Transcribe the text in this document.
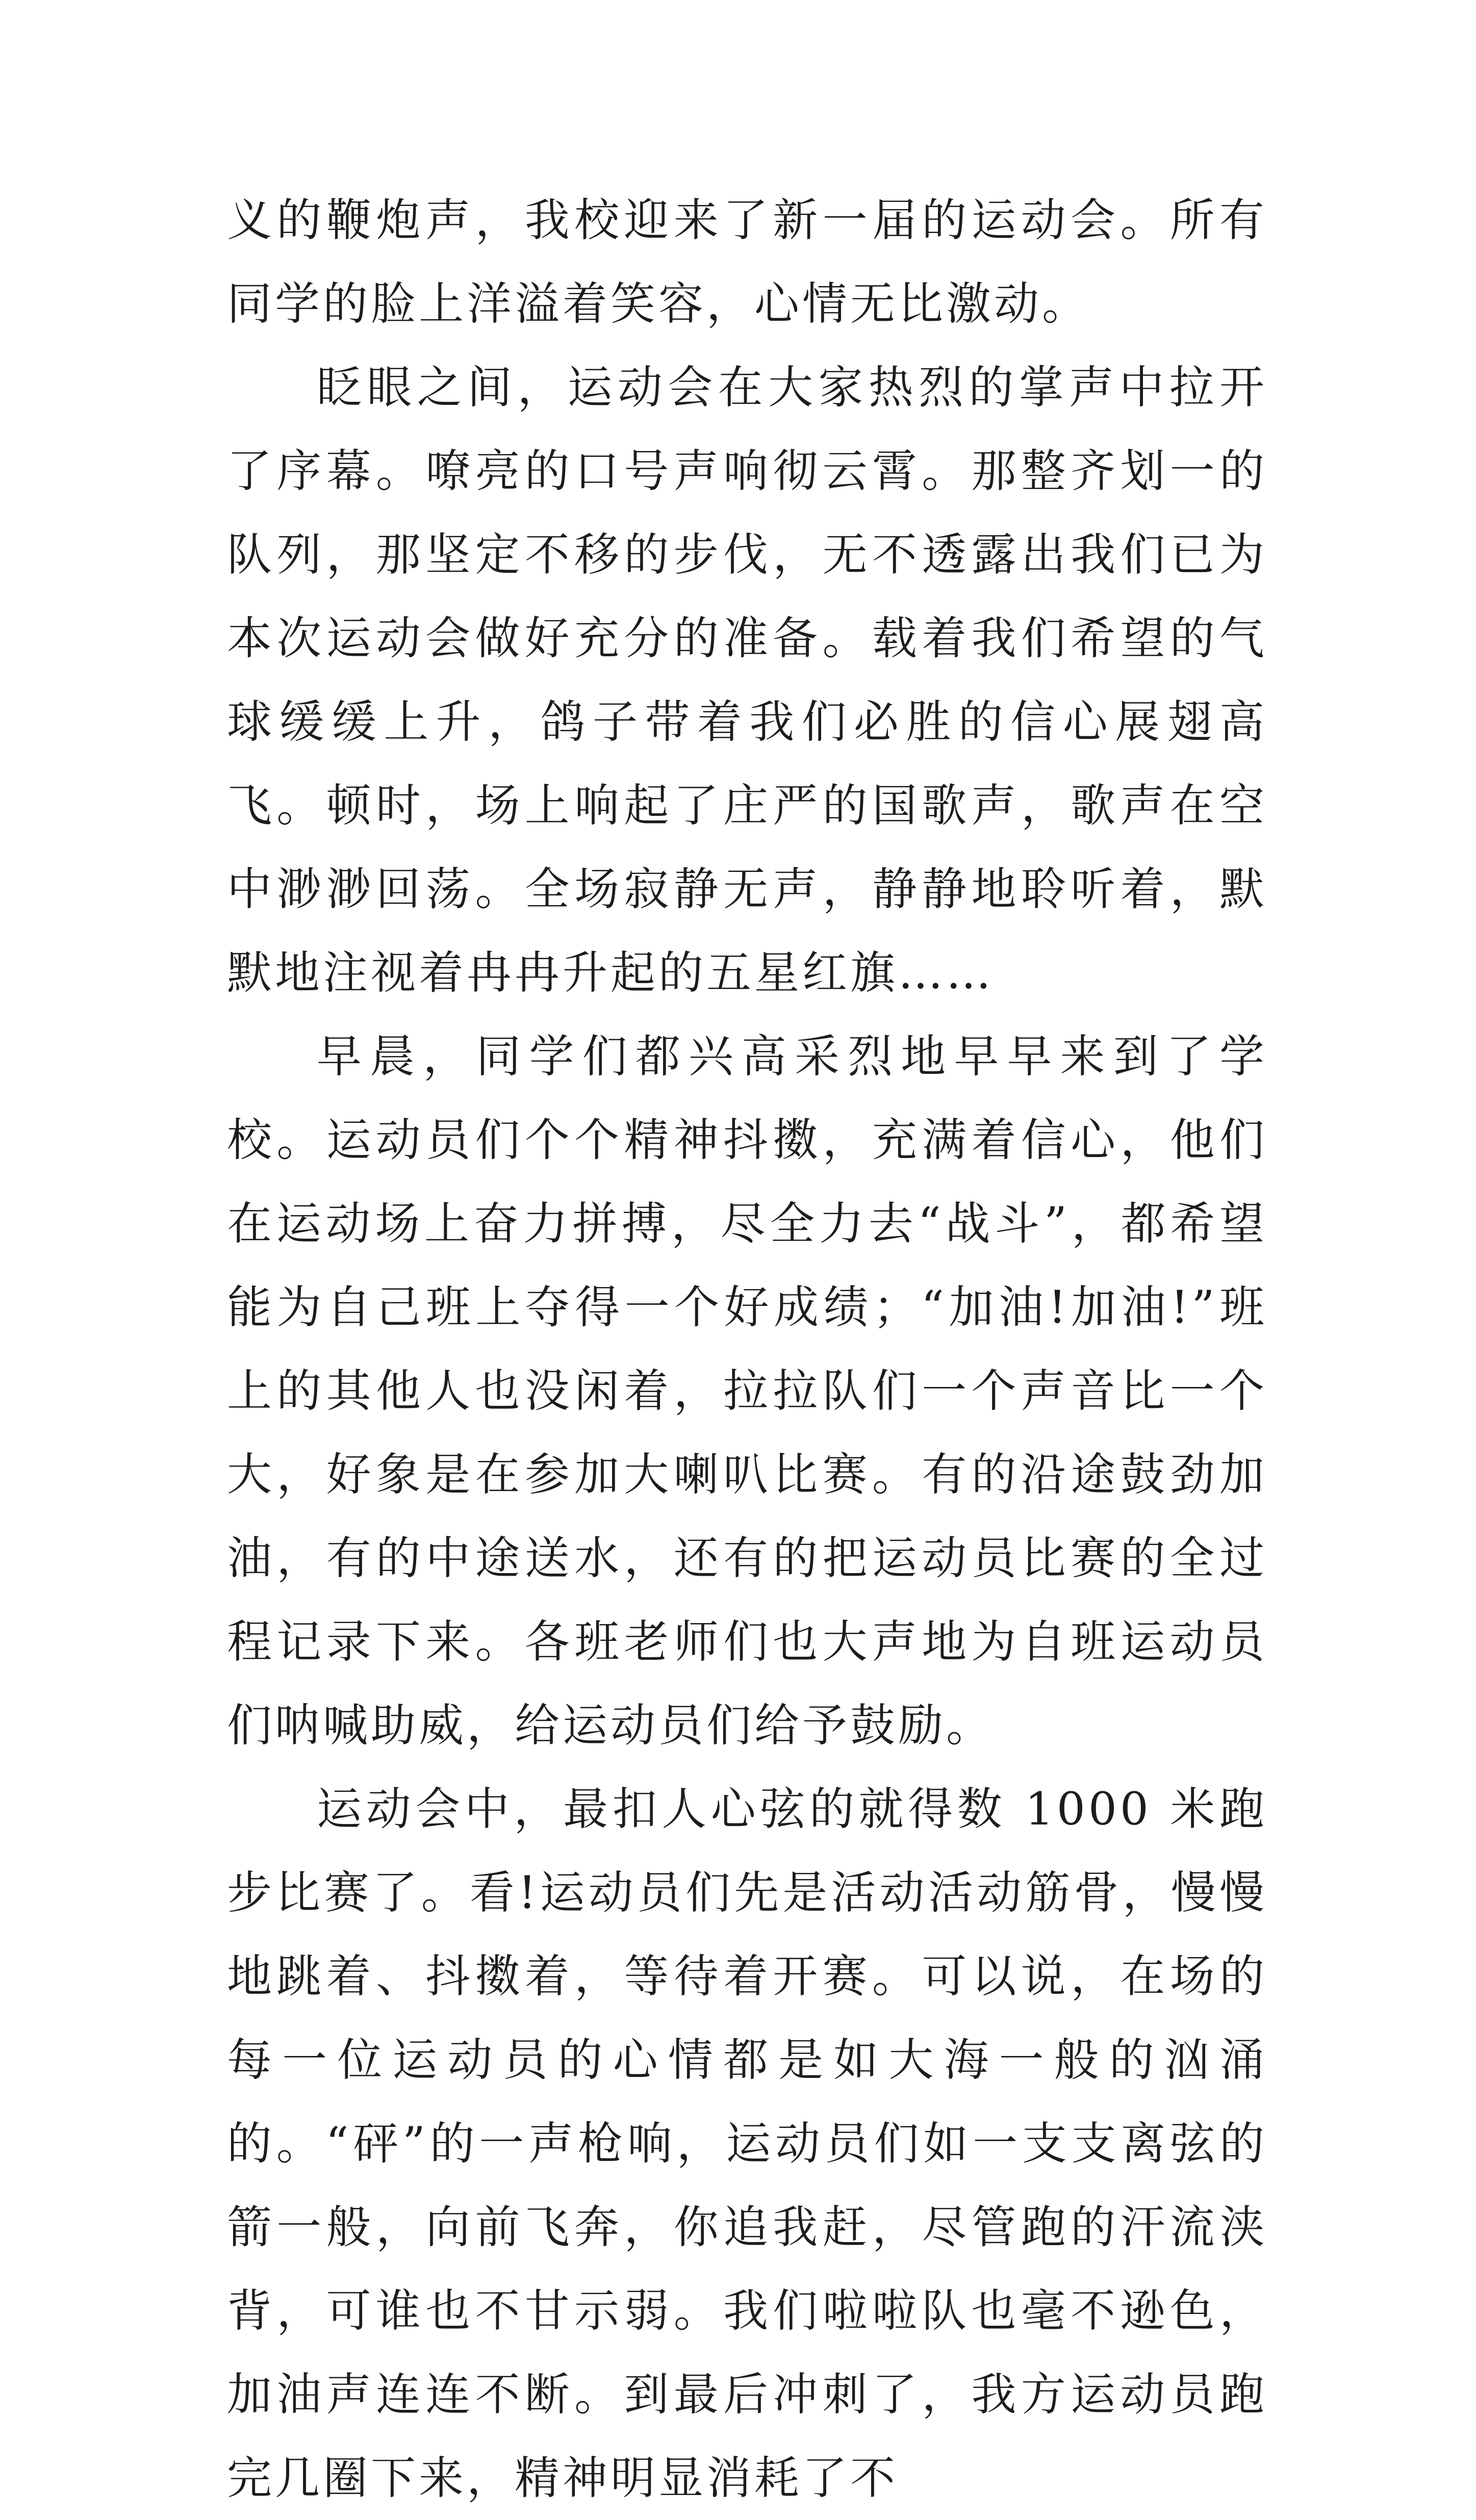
义的鞭炮声，我校迎来了新一届的运动会。所有同学的脸上洋溢着笑容，心情无比激动。

眨眼之间，运动会在大家热烈的掌声中拉开了序幕。嘹亮的口号声响彻云霄。那整齐划一的队列，那坚定不移的步伐，无不透露出我们已为本次运动会做好充分的准备。载着我们希望的气球缓缓上升，鸽子带着我们必胜的信心展翅高飞。顿时，场上响起了庄严的国歌声，歌声在空中渺渺回荡。全场寂静无声，静静地聆听着，默默地注视着冉冉升起的五星红旗……

早晨，同学们都兴高采烈地早早来到了学校。运动员们个个精神抖擞，充满着信心，他们在运动场上奋力拼搏，尽全力去“战斗”，都希望能为自己班上夺得一个好成绩；“加油!加油!”班上的其他人也没闲着，拉拉队们一个声音比一个大，好象是在参加大喇叭比赛。有的沿途鼓劲加油，有的中途送水，还有的把运动员比赛的全过程记录下来。各班老师们也大声地为自班运动员们呐喊助威，给运动员们给予鼓励。

运动会中，最扣人心弦的就得数 1000 米跑步比赛了。看!运动员们先是活动活动筋骨，慢慢地跳着、抖擞着，等待着开赛。可以说，在场的每一位运动员的心情都是如大海一般的汹涌的。“砰”的一声枪响，运动员们如一支支离弦的箭一般，向前飞奔，你追我赶，尽管跑的汗流浃背，可谁也不甘示弱。我们啦啦队也毫不逊色，加油声连连不断。到最后冲刺了，我方运动员跑完几圈下来，精神明显消耗了不
